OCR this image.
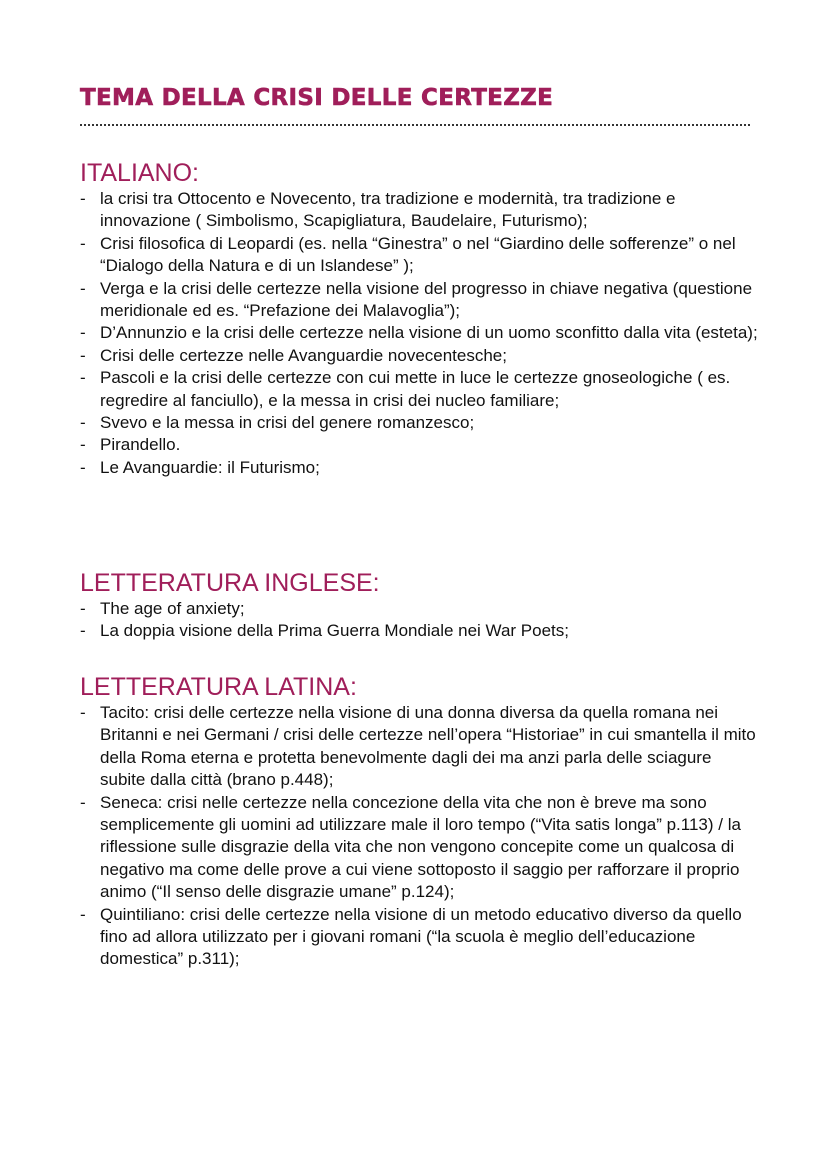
TEMA DELLA CRISI DELLE CERTEZZE
ITALIANO:
- la crisi tra Ottocento e Novecento, tra tradizione e modernità, tra tradizione e innovazione ( Simbolismo, Scapigliatura, Baudelaire, Futurismo);
- Crisi filosofica di Leopardi (es. nella “Ginestra” o nel “Giardino delle sofferenze” o nel “Dialogo della Natura e di un Islandese” );
- Verga e la crisi delle certezze nella visione del progresso in chiave negativa (questione meridionale ed es. “Prefazione dei Malavoglia”);
- D’Annunzio e la crisi delle certezze nella visione di un uomo sconfitto dalla vita (esteta);
- Crisi delle certezze nelle Avanguardie novecentesche;
- Pascoli e la crisi delle certezze con cui mette in luce le certezze gnoseologiche ( es. regredire al fanciullo), e la messa in crisi dei nucleo familiare;
- Svevo e la messa in crisi del genere romanzesco;
- Pirandello.
- Le Avanguardie: il Futurismo;
LETTERATURA INGLESE:
- The age of anxiety;
- La doppia visione della Prima Guerra Mondiale nei War Poets;
LETTERATURA LATINA:
- Tacito: crisi delle certezze nella visione di una donna diversa da quella romana nei Britanni e nei Germani / crisi delle certezze nell’opera “Historiae” in cui smantella il mito della Roma eterna e protetta benevolmente dagli dei ma anzi parla delle sciagure subite dalla città (brano p.448);
- Seneca: crisi nelle certezze nella concezione della vita che non è breve ma sono semplicemente gli uomini ad utilizzare male il loro tempo (“Vita satis longa” p.113) / la riflessione sulle disgrazie della vita che non vengono concepite come un qualcosa di negativo ma come delle prove a cui viene sottoposto il saggio per rafforzare il proprio animo (“Il senso delle disgrazie umane” p.124);
- Quintiliano: crisi delle certezze nella visione di un metodo educativo diverso da quello fino ad allora utilizzato per i giovani romani (“la scuola è meglio dell’educazione domestica” p.311);
